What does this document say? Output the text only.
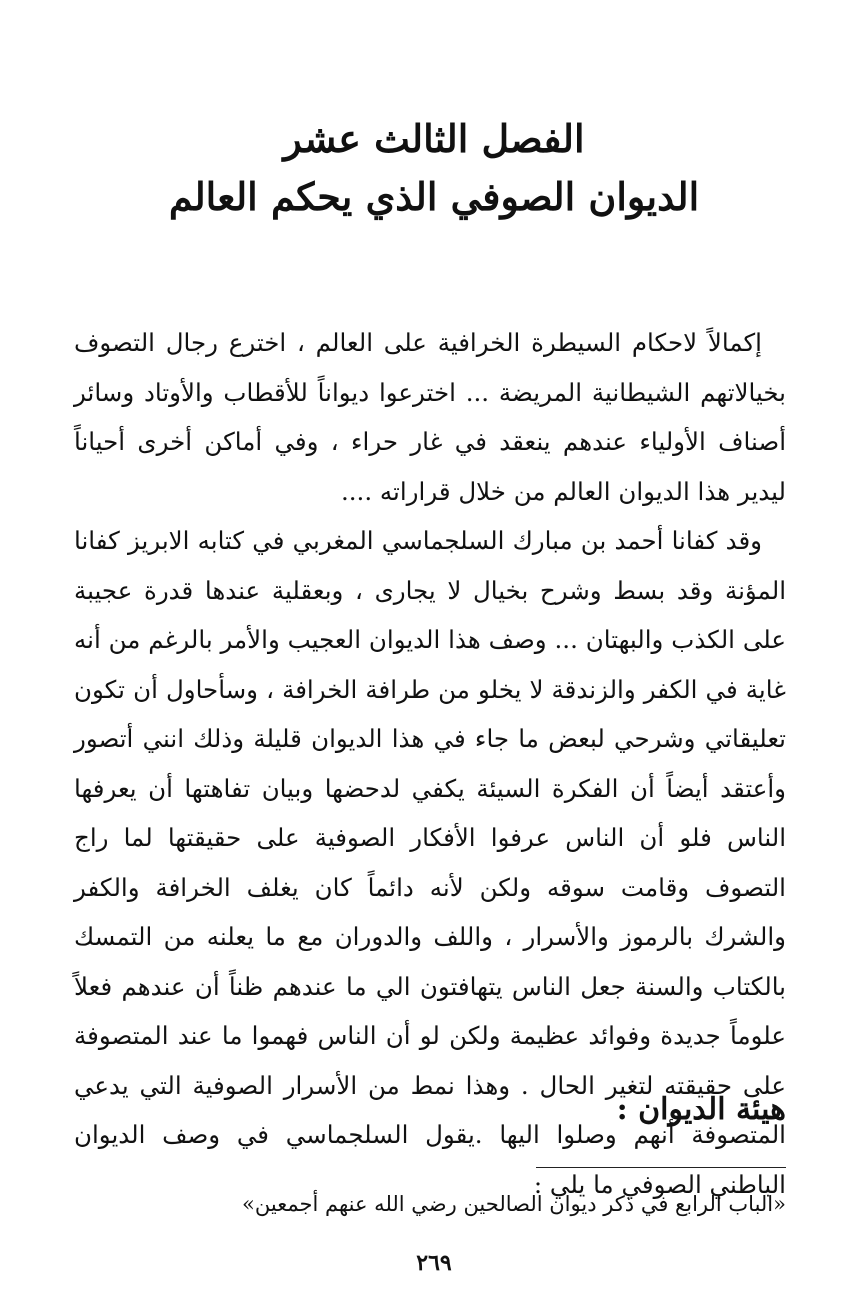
الفصل الثالث عشر
الديوان الصوفي الذي يحكم العالم

إكمالاً لاحكام السيطرة الخرافية على العالم ، اخترع رجال التصوف بخيالاتهم الشيطانية المريضة ... اخترعوا ديواناً للأقطاب والأوتاد وسائر أصناف الأولياء عندهم ينعقد في غار حراء ، وفي أماكن أخرى أحياناً ليدير هذا الديوان العالم من خلال قراراته ....

وقد كفانا أحمد بن مبارك السلجماسي المغربي في كتابه الابريز كفانا المؤنة وقد بسط وشرح بخيال لا يجارى ، وبعقلية عندها قدرة عجيبة على الكذب والبهتان ... وصف هذا الديوان العجيب والأمر بالرغم من أنه غاية في الكفر والزندقة لا يخلو من طرافة الخرافة ، وسأحاول أن تكون تعليقاتي وشرحي لبعض ما جاء في هذا الديوان قليلة وذلك انني أتصور وأعتقد أيضاً أن الفكرة السيئة يكفي لدحضها وبيان تفاهتها أن يعرفها الناس فلو أن الناس عرفوا الأفكار الصوفية على حقيقتها لما راج التصوف وقامت سوقه ولكن لأنه دائماً كان يغلف الخرافة والكفر والشرك بالرموز والأسرار ، واللف والدوران مع ما يعلنه من التمسك بالكتاب والسنة جعل الناس يتهافتون الي ما عندهم ظناً أن عندهم فعلاً علوماً جديدة وفوائد عظيمة ولكن لو أن الناس فهموا ما عند المتصوفة على حقيقته لتغير الحال . وهذا نمط من الأسرار الصوفية التي يدعي المتصوفة أنهم وصلوا اليها .يقول السلجماسي في وصف الديوان الباطني الصوفي ما يلي :

هيئة الديوان :

«الباب الرابع في ذكر ديوان الصالحين رضي الله عنهم أجمعين»

٢٦٩
